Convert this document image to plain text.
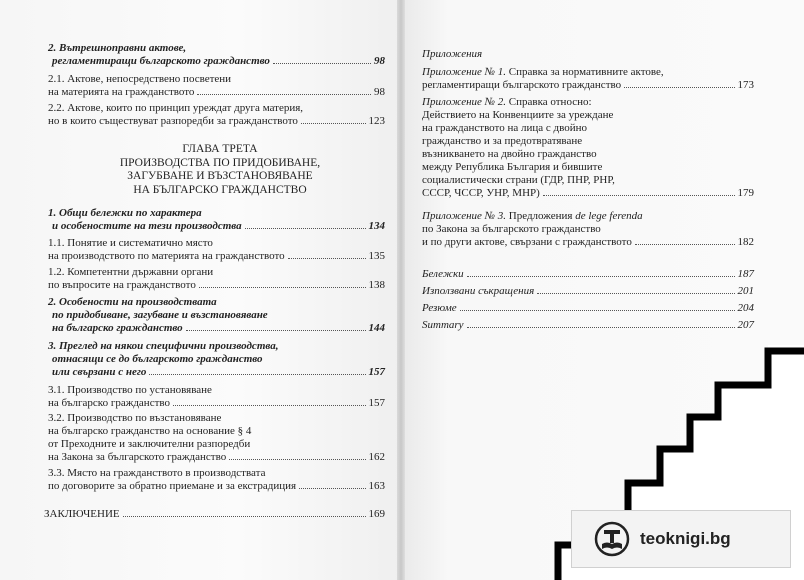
2. Вътрешноправни актове,
регламентиращи българското гражданство	98
2.1. Актове, непосредствено посветени
на материята на гражданството	98
2.2. Актове, които по принцип уреждат друга материя,
но в които съществуват разпоредби за гражданството	123
ГЛАВА ТРЕТА
ПРОИЗВОДСТВА ПО ПРИДОБИВАНЕ,
ЗАГУБВАНЕ И ВЪЗСТАНОВЯВАНЕ
НА БЪЛГАРСКО ГРАЖДАНСТВО
1. Общи бележки по характера
и особеностите на тези производства	134
1.1. Понятие и систематично място
на производството по материята на гражданството	135
1.2. Компетентни държавни органи
по въпросите на гражданството	138
2. Особености на производствата
по придобиване, загубване и възстановяване
на българско гражданство	144
3. Преглед на някои специфични производства,
отнасящи се до българското гражданство
или свързани с него	157
3.1. Производство по установяване
на българско гражданство	157
3.2. Производство по възстановяване
на българско гражданство на основание § 4
от Преходните и заключителни разпоредби
на Закона за българското гражданство	162
3.3. Място на гражданството в производствата
по договорите за обратно приемане и за екстрадиция	163
ЗАКЛЮЧЕНИЕ	169
Приложения
Приложение № 1. Справка за нормативните актове,
регламентиращи българското гражданство	173
Приложение № 2. Справка относно:
Действието на Конвенциите за уреждане
на гражданството на лица с двойно
гражданство и за предотвратяване
възникването на двойно гражданство
между Република България и бившите
социалистически страни (ГДР, ПНР, РНР,
СССР, ЧССР, УНР, МНР)	179
Приложение № 3. Предложения de lege ferenda
по Закона за българското гражданство
и по други актове, свързани с гражданството	182
Бележки	187
Използвани съкращения	201
Резюме	204
Summary	207
teoknigi.bg
